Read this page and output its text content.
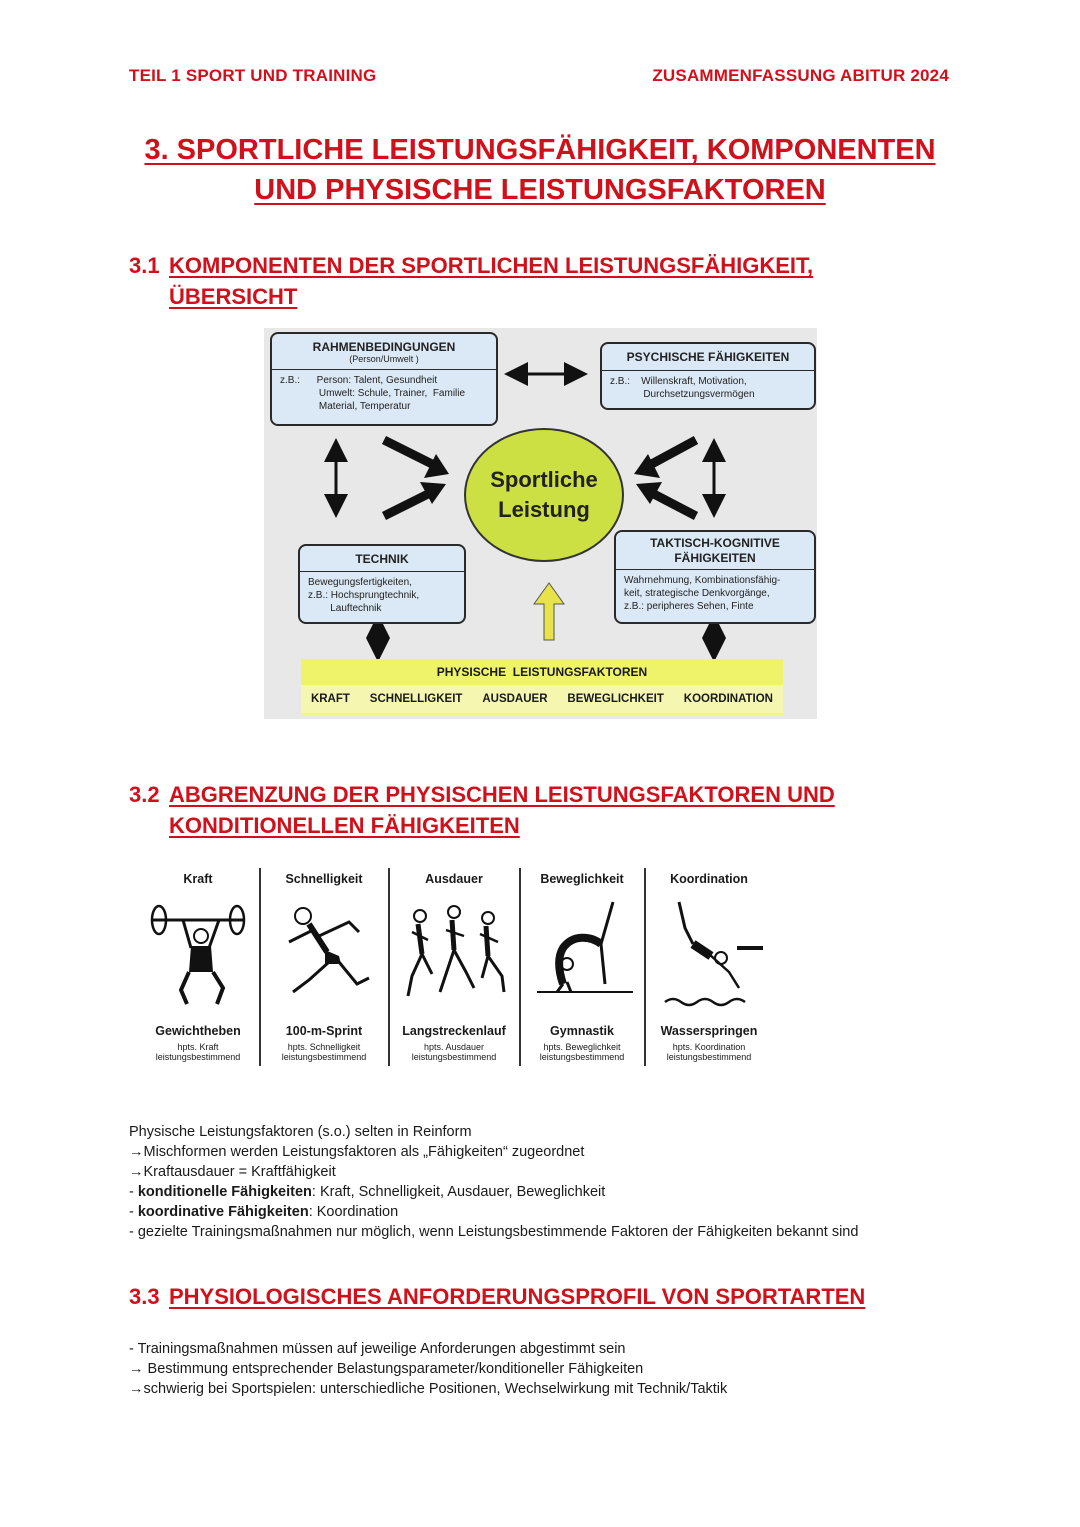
TEIL 1 SPORT UND TRAINING	ZUSAMMENFASSUNG ABITUR 2024
3. SPORTLICHE LEISTUNGSFÄHIGKEIT, KOMPONENTEN
UND PHYSISCHE LEISTUNGSFAKTOREN
3.1 KOMPONENTEN DER SPORTLICHEN LEISTUNGSFÄHIGKEIT,
ÜBERSICHT
RAHMENBEDINGUNGEN
(Person/Umwelt )
z.B.:      Person: Talent, Gesundheit
Umwelt: Schule, Trainer,  Familie
Material, Temperatur
PSYCHISCHE FÄHIGKEITEN
z.B.:    Willenskraft, Motivation,
Durchsetzungsvermögen
Sportliche
Leistung
TECHNIK
Bewegungsfertigkeiten,
z.B.: Hochsprungtechnik,
Lauftechnik
TAKTISCH-KOGNITIVE
FÄHIGKEITEN
Wahrnehmung, Kombinationsfähig-
keit, strategische Denkvorgänge,
z.B.: peripheres Sehen, Finte
PHYSISCHE  LEISTUNGSFAKTOREN
KRAFT SCHNELLIGKEIT AUSDAUER BEWEGLICHKEIT KOORDINATION
3.2 ABGRENZUNG DER PHYSISCHEN LEISTUNGSFAKTOREN UND
KONDITIONELLEN FÄHIGKEITEN
Kraft
Gewichtheben
hpts. Kraft
leistungsbestimmend
Schnelligkeit
100-m-Sprint
hpts. Schnelligkeit
leistungsbestimmend
Ausdauer
Langstreckenlauf
hpts. Ausdauer
leistungsbestimmend
Beweglichkeit
Gymnastik
hpts. Beweglichkeit
leistungsbestimmend
Koordination
Wasserspringen
hpts. Koordination
leistungsbestimmend
Physische Leistungsfaktoren (s.o.) selten in Reinform
→Mischformen werden Leistungsfaktoren als „Fähigkeiten“ zugeordnet
→Kraftausdauer = Kraftfähigkeit
- konditionelle Fähigkeiten: Kraft, Schnelligkeit, Ausdauer, Beweglichkeit
- koordinative Fähigkeiten: Koordination
- gezielte Trainingsmaßnahmen nur möglich, wenn Leistungsbestimmende Faktoren der Fähigkeiten bekannt sind
3.3 PHYSIOLOGISCHES ANFORDERUNGSPROFIL VON SPORTARTEN
- Trainingsmaßnahmen müssen auf jeweilige Anforderungen abgestimmt sein
→ Bestimmung entsprechender Belastungsparameter/konditioneller Fähigkeiten
→schwierig bei Sportspielen: unterschiedliche Positionen, Wechselwirkung mit Technik/Taktik
